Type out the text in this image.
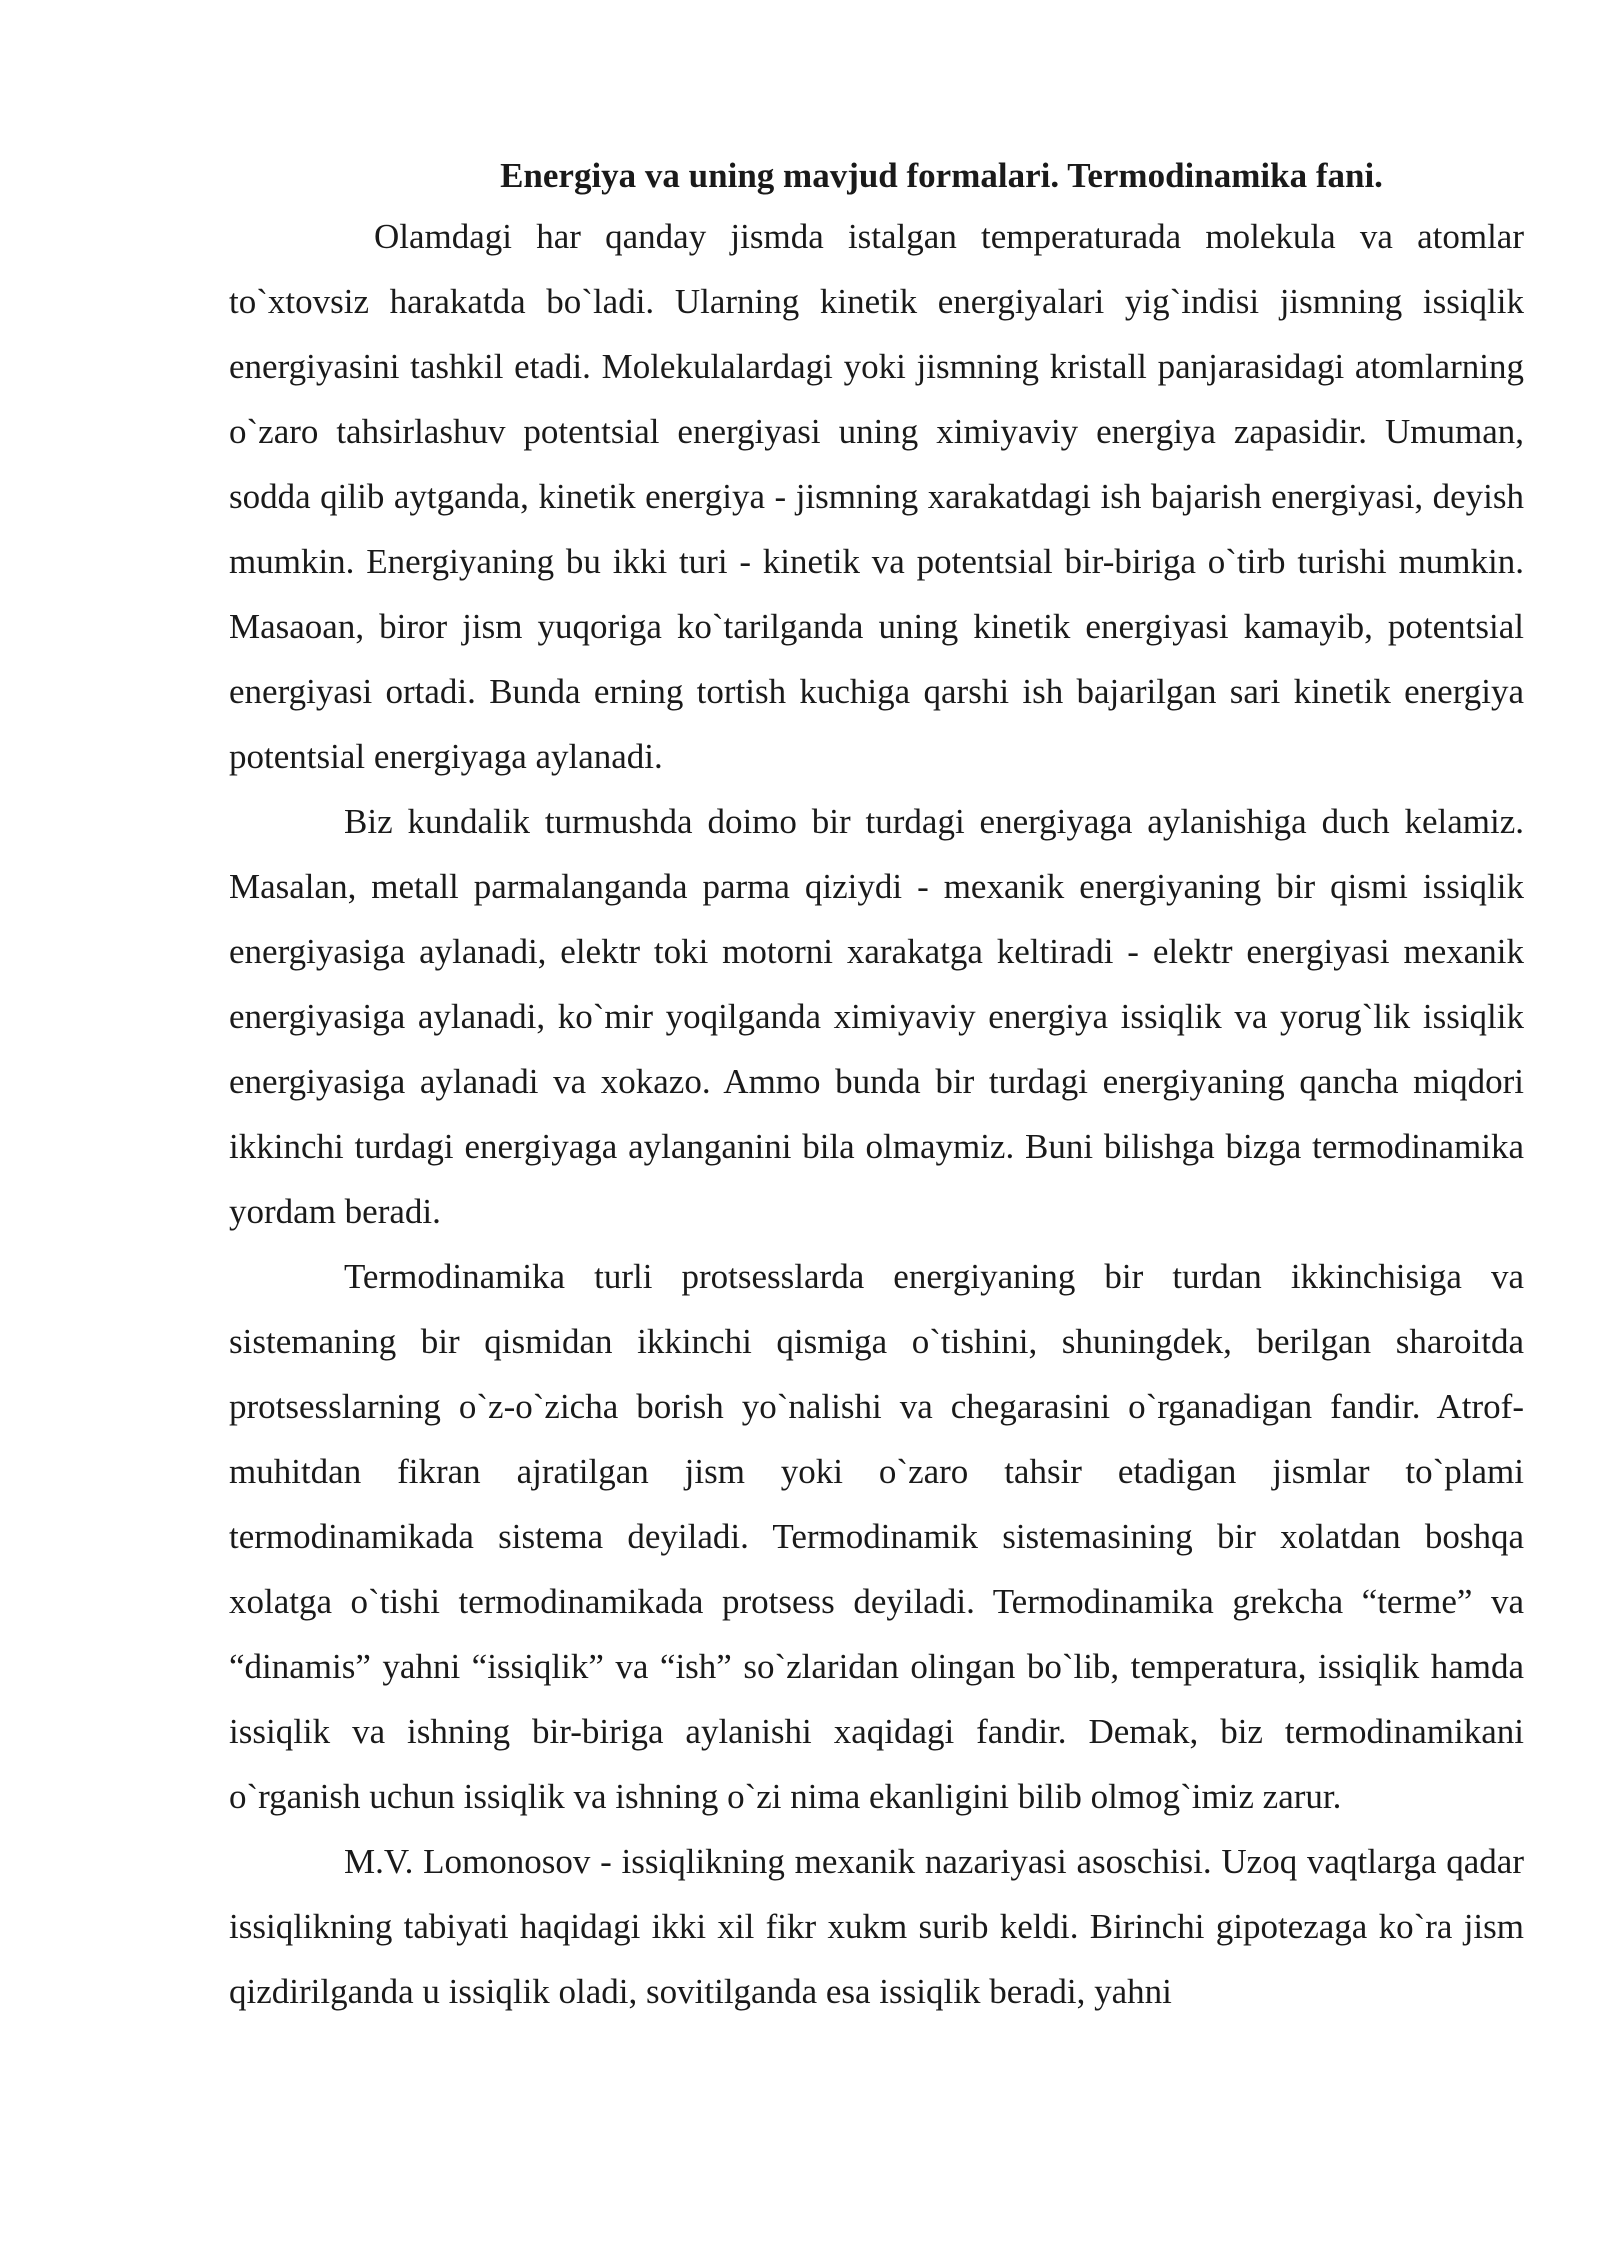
Energiya va uning mavjud formalari. Termodinamika fani.

Olamdagi har qanday jismda istalgan temperaturada molekula va atomlar to`xtovsiz harakatda bo`ladi. Ularning kinetik energiyalari yig`indisi jismning issiqlik energiyasini tashkil etadi. Molekulalardagi yoki jismning kristall panjarasidagi atomlarning o`zaro tahsirlashuv potentsial energiyasi uning ximiyaviy energiya zapasidir. Umuman, sodda qilib aytganda, kinetik energiya - jismning xarakatdagi ish bajarish energiyasi, deyish mumkin. Energiyaning bu ikki turi - kinetik va potentsial bir-biriga o`tirb turishi mumkin. Masaoan, biror jism yuqoriga ko`tarilganda uning kinetik energiyasi kamayib, potentsial energiyasi ortadi. Bunda erning tortish kuchiga qarshi ish bajarilgan sari kinetik energiya potentsial energiyaga aylanadi.

Biz kundalik turmushda doimo bir turdagi energiyaga aylanishiga duch kelamiz. Masalan, metall parmalanganda parma qiziydi - mexanik energiyaning bir qismi issiqlik energiyasiga aylanadi, elektr toki motorni xarakatga keltiradi - elektr energiyasi mexanik energiyasiga aylanadi, ko`mir yoqilganda ximiyaviy energiya issiqlik va yorug`lik issiqlik energiyasiga aylanadi va xokazo. Ammo bunda bir turdagi energiyaning qancha miqdori ikkinchi turdagi energiyaga aylanganini bila olmaymiz. Buni bilishga bizga termodinamika yordam beradi.

Termodinamika turli protsesslarda energiyaning bir turdan ikkinchisiga va sistemaning bir qismidan ikkinchi qismiga o`tishini, shuningdek, berilgan sharoitda protsesslarning o`z-o`zicha borish yo`nalishi va chegarasini o`rganadigan fandir. Atrof-muhitdan fikran ajratilgan jism yoki o`zaro tahsir etadigan jismlar to`plami termodinamikada sistema deyiladi. Termodinamik sistemasining bir xolatdan boshqa xolatga o`tishi termodinamikada protsess deyiladi. Termodinamika grekcha “terme” va “dinamis” yahni “issiqlik” va “ish” so`zlaridan olingan bo`lib, temperatura, issiqlik hamda issiqlik va ishning bir-biriga aylanishi xaqidagi fandir. Demak, biz termodinamikani o`rganish uchun issiqlik va ishning o`zi nima ekanligini bilib olmog`imiz zarur.

M.V. Lomonosov - issiqlikning mexanik nazariyasi asoschisi. Uzoq vaqtlarga qadar issiqlikning tabiyati haqidagi ikki xil fikr xukm surib keldi. Birinchi gipotezaga ko`ra jism qizdirilganda u issiqlik oladi, sovitilganda esa issiqlik beradi, yahni
